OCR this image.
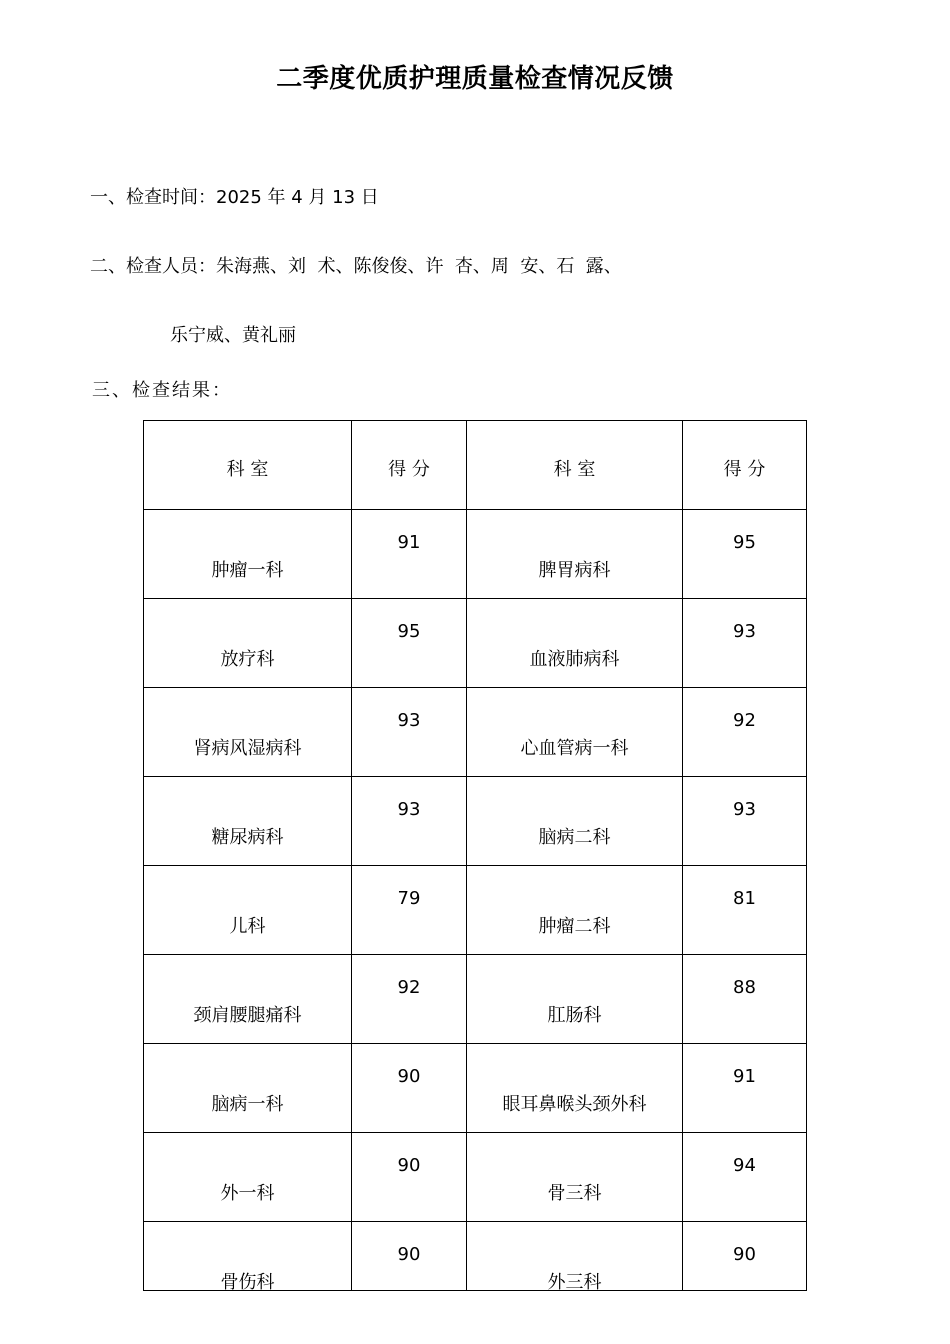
二季度优质护理质量检查情况反馈
一、检查时间：2025 年 4 月 13 日
二、检查人员：朱海燕、刘  术、陈俊俊、许  杏、周  安、石  露、
乐宁威、黄礼丽
三、检查结果：
科 室	得 分	科 室	得 分

肿瘤一科	91	脾胃病科	95

放疗科	95	血液肺病科	93

肾病风湿病科	93	心血管病一科	92

糖尿病科	93	脑病二科	93

儿科	79	肿瘤二科	81

颈肩腰腿痛科	92	肛肠科	88

脑病一科	90	眼耳鼻喉头颈外科	91

外一科	90	骨三科	94

骨伤科	90	外三科	90
